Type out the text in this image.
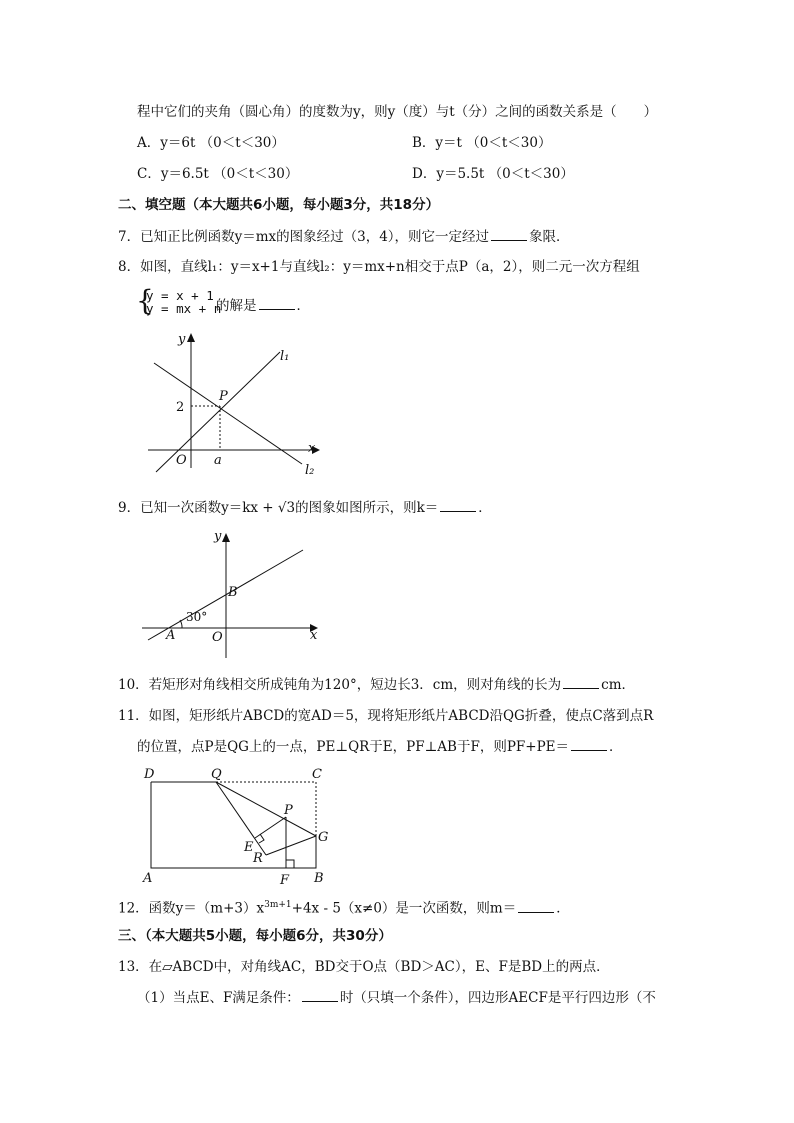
程中它们的夹角（圆心角）的度数为y，则y（度）与t（分）之间的函数关系是（　　）
A．y＝6t （0＜t＜30）	B．y＝t （0＜t＜30）
C．y＝6.5t （0＜t＜30）	D．y＝5.5t （0＜t＜30）
二、填空题（本大题共6小题，每小题3分，共18分）
7．已知正比例函数y＝mx的图象经过（3，4），则它一定经过	象限．
8．如图，直线l₁：y＝x+1与直线l₂：y＝mx+n相交于点P（a，2），则二元一次方程组
{
y = x + 1
y = mx + n
的解是	．
y
x
O
P
2
a
l₁
l₂
9．已知一次函数y＝kx + √3的图象如图所示，则k＝	．
y
x
O
A
B
30°
10．若矩形对角线相交所成钝角为120°，短边长3．cm，则对角线的长为	cm．
11．如图，矩形纸片ABCD的宽AD＝5，现将矩形纸片ABCD沿QG折叠，使点C落到点R
的位置，点P是QG上的一点，PE⊥QR于E，PF⊥AB于F，则PF+PE＝	．
D	Q	C
P
G
E
R
A	F B
12．函数$y=(m+3)x^{3m+1}+4x - 5(x\ne 0)$是一次函数，则m＝	．
三、（本大题共5小题，每小题6分，共30分）
13．在▱ABCD中，对角线AC，BD交于O点（BD＞AC），E、F是BD上的两点．
（1）当点E、F满足条件：	时（只填一个条件），四边形AECF是平行四边形（不
